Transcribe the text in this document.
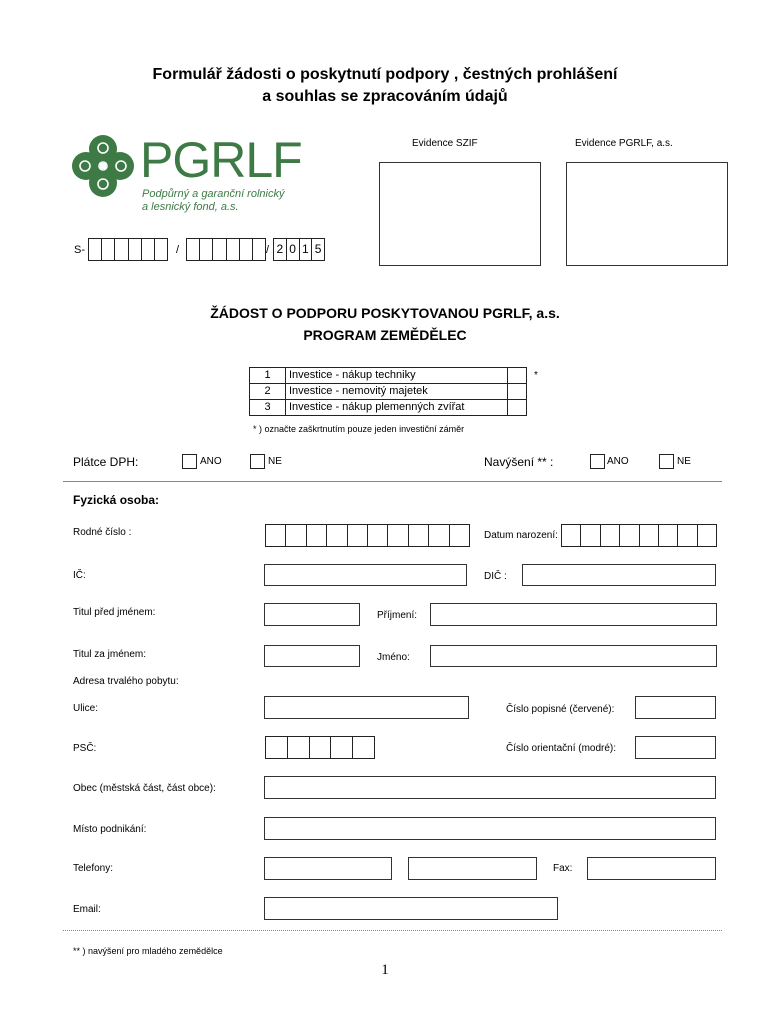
Formulář žádosti o poskytnutí podpory , čestných prohlášení
a souhlas se zpracováním údajů
PGRLF
Podpůrný a garanční rolnický
a lesnický fond, a.s.
Evidence SZIF	Evidence PGRLF, a.s.
S-	/	/ 2 0 1 5
ŽÁDOST O PODPORU POSKYTOVANOU PGRLF, a.s.
PROGRAM ZEMĚDĚLEC
1	Investice - nákup techniky	
2	Investice - nemovitý majetek	
3	Investice - nákup plemenných zvířat	
*
* ) označte zaškrtnutím pouze jeden investiční záměr
Plátce DPH:	ANO	NE	Navýšení ** :	ANO	NE
Fyzická osoba:
Rodné číslo :	Datum narození:
IČ:	DIČ :
Titul před jménem:	Příjmení:
Titul za jménem:	Jméno:
Adresa trvalého pobytu:
Ulice:	Číslo popisné (červené):
PSČ:	Číslo orientační (modré):
Obec (městská část, část obce):
Místo podnikání:
Telefony:	Fax:
Email:
** ) navýšení pro mladého zemědělce
1
